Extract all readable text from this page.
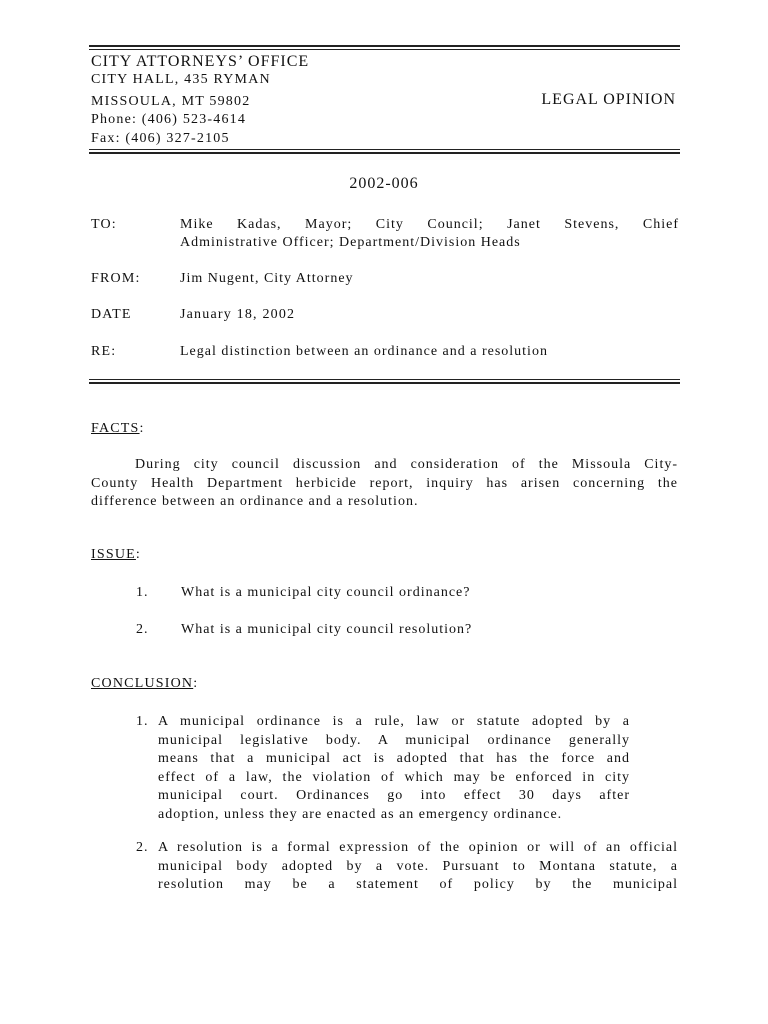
CITY ATTORNEYS’ OFFICE
CITY HALL, 435 RYMAN
MISSOULA, MT 59802
Phone: (406) 523-4614
Fax: (406) 327-2105
LEGAL OPINION
2002-006
TO:	Mike Kadas, Mayor; City Council; Janet Stevens, Chief
Administrative Officer; Department/Division Heads
FROM:	Jim Nugent, City Attorney
DATE	January 18, 2002
RE:	Legal distinction between an ordinance and a resolution
FACTS:
During city council discussion and consideration of the Missoula City-
County Health Department herbicide report, inquiry has arisen concerning the
difference between an ordinance and a resolution.
ISSUE:
1. What is a municipal city council ordinance?
2. What is a municipal city council resolution?
CONCLUSION:
1. A municipal ordinance is a rule, law or statute adopted by a
municipal legislative body. A municipal ordinance generally
means that a municipal act is adopted that has the force and
effect of a law, the violation of which may be enforced in city
municipal court. Ordinances go into effect 30 days after
adoption, unless they are enacted as an emergency ordinance.
2. A resolution is a formal expression of the opinion or will of an official
municipal body adopted by a vote. Pursuant to Montana statute, a
resolution may be a statement of policy by the municipal
